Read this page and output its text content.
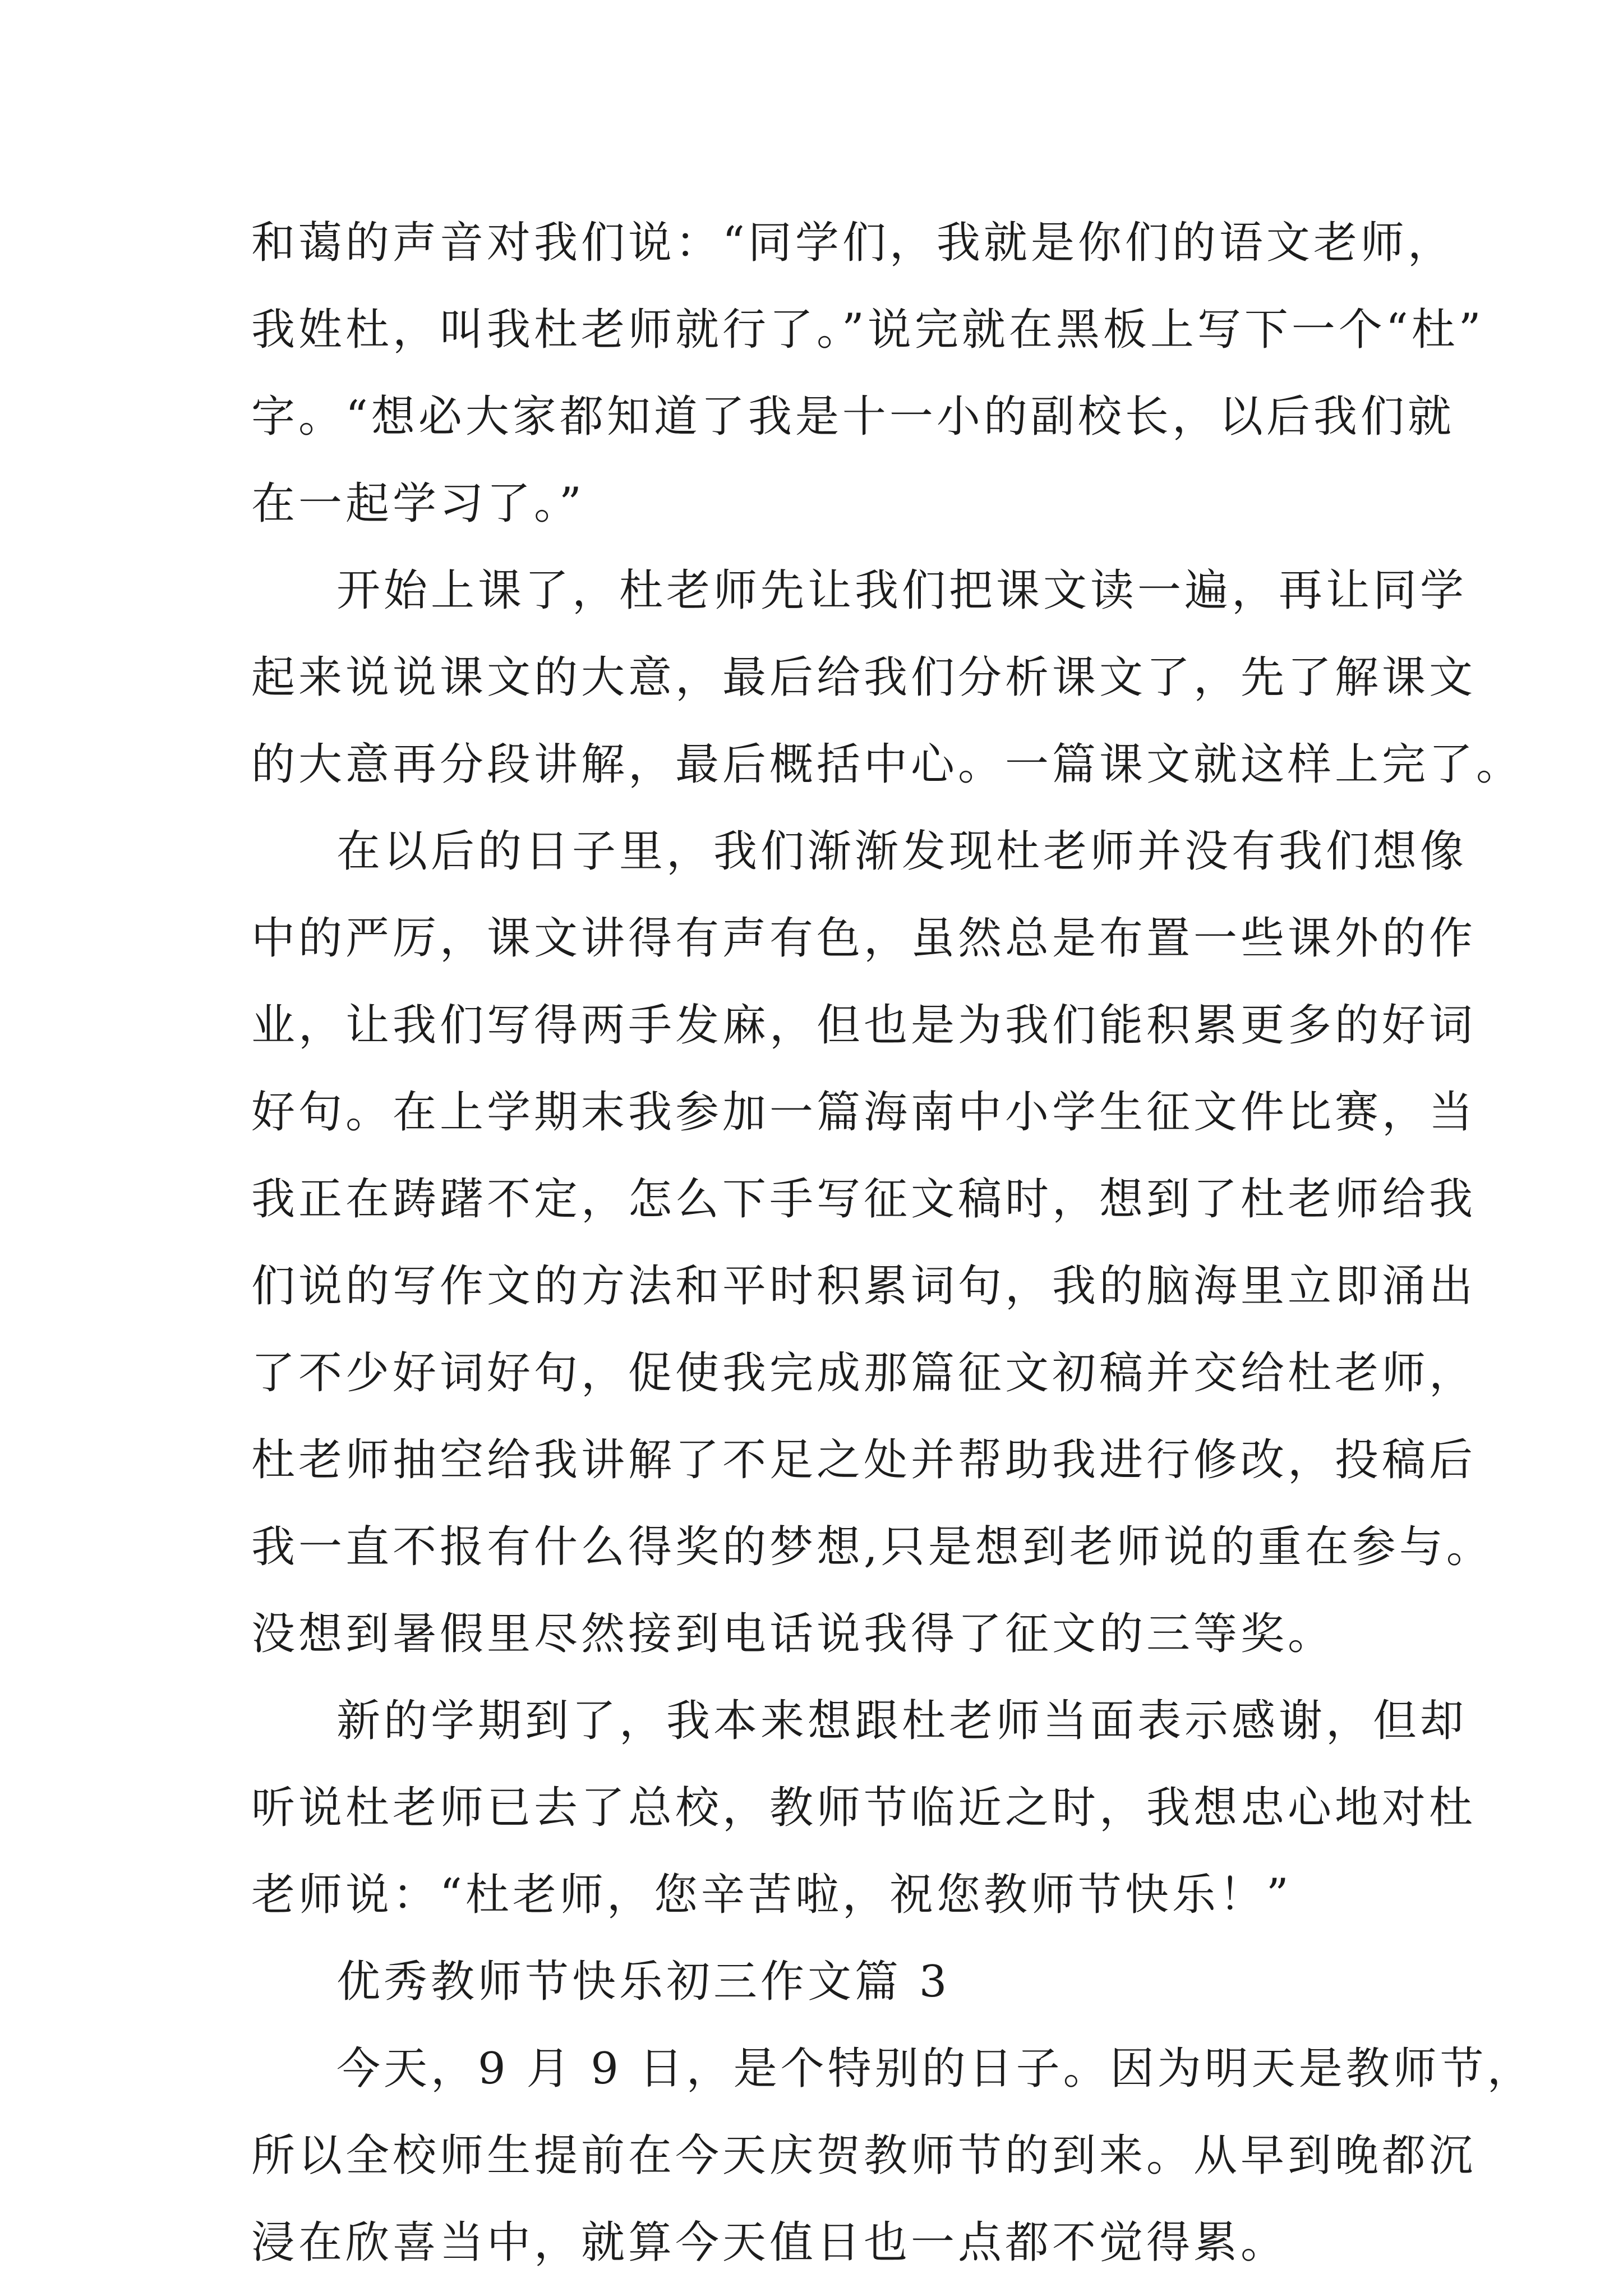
和蔼的声音对我们说：“同学们，我就是你们的语文老师，

我姓杜，叫我杜老师就行了。”说完就在黑板上写下一个“杜”

字。“想必大家都知道了我是十一小的副校长，以后我们就

在一起学习了。”

开始上课了，杜老师先让我们把课文读一遍，再让同学

起来说说课文的大意，最后给我们分析课文了，先了解课文

的大意再分段讲解，最后概括中心。一篇课文就这样上完了。

在以后的日子里，我们渐渐发现杜老师并没有我们想像

中的严厉，课文讲得有声有色，虽然总是布置一些课外的作

业，让我们写得两手发麻，但也是为我们能积累更多的好词

好句。在上学期末我参加一篇海南中小学生征文件比赛，当

我正在踌躇不定，怎么下手写征文稿时，想到了杜老师给我

们说的写作文的方法和平时积累词句，我的脑海里立即涌出

了不少好词好句，促使我完成那篇征文初稿并交给杜老师，

杜老师抽空给我讲解了不足之处并帮助我进行修改，投稿后

我一直不报有什么得奖的梦想,只是想到老师说的重在参与。

没想到暑假里尽然接到电话说我得了征文的三等奖。

新的学期到了，我本来想跟杜老师当面表示感谢，但却

听说杜老师已去了总校，教师节临近之时，我想忠心地对杜

老师说：“杜老师，您辛苦啦，祝您教师节快乐！”

优秀教师节快乐初三作文篇 3

今天，9 月 9 日，是个特别的日子。因为明天是教师节，

所以全校师生提前在今天庆贺教师节的到来。从早到晚都沉

浸在欣喜当中，就算今天值日也一点都不觉得累。
